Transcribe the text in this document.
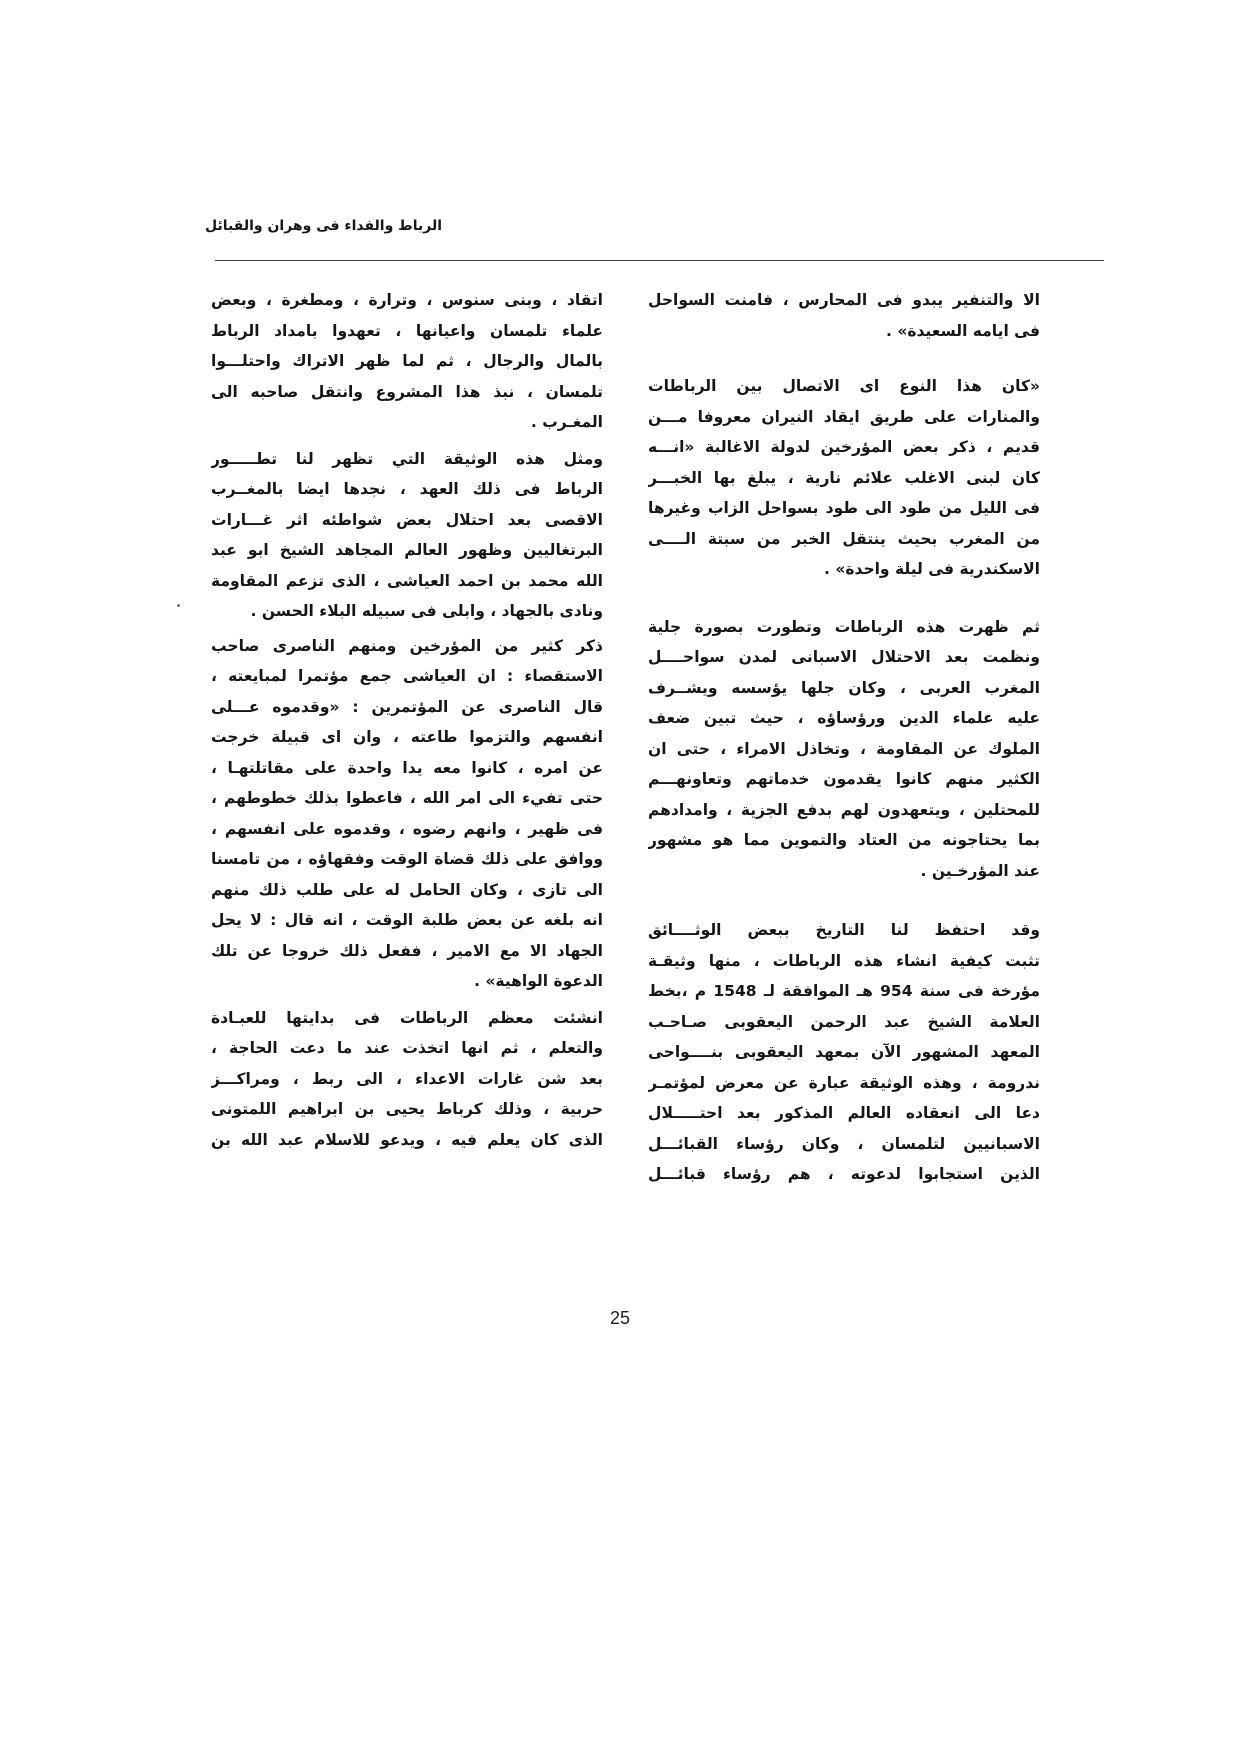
الرباط والفداء فى وهران والقبائل

الا والتنفير يبدو فى المحارس ، فامنت السواحل
فى ايامه السعيدة» .

«كان هذا النوع اى الاتصال بين الرباطات
والمنارات على طريق ايقاد النيران معروفا مـــن
قديم ، ذكر بعض المؤرخين لدولة الاغالبة «انـــه
كان لبنى الاغلب علائم نارية ، يبلغ بها الخبـــر
فى الليل من طود الى طود بسواحل الزاب وغيرها
من المغرب بحيث ينتقل الخبر من سبتة الــــى
الاسكندرية فى ليلة واحدة» .

ثم ظهرت هذه الرباطات وتطورت بصورة جلية
ونظمت بعد الاحتلال الاسبانى لمدن سواحــــل
المغرب العربى ، وكان جلها يؤسسه ويشــرف
عليه علماء الدين ورؤساؤه ، حيث تبين ضعف
الملوك عن المقاومة ، وتخاذل الامراء ، حتى ان
الكثير منهم كانوا يقدمون خدماتهم وتعاونهـــم
للمحتلين ، ويتعهدون لهم بدفع الجزية ، وامدادهم
بما يحتاجونه من العتاد والتموين مما هو مشهور
عند المؤرخـين .

وقد احتفظ لنا التاريخ ببعض الوثــــائق
تثبت كيفية انشاء هذه الرباطات ، منها وثيقـة
مؤرخة فى سنة 954 هـ الموافقة لـ 1548 م ،بخط
العلامة الشيخ عبد الرحمن اليعقوبى صـاحـب
المعهد المشهور الآن بمعهد اليعقوبى بنــــواحى
ندرومة ، وهذه الوثيقة عبارة عن معرض لمؤتمـر
دعا الى انعقاده العالم المذكور بعد احتـــــلال
الاسبانيين لتلمسان ، وكان رؤساء القبائـــل
الذين استجابوا لدعوته ، هم رؤساء قبائـــل

اتقاد ، وبنى سنوس ، وترارة ، ومطغرة ، وبعض
علماء تلمسان واعيانها ، تعهدوا بامداد الرباط
بالمال والرجال ، ثم لما ظهر الاتراك واحتلـــوا
تلمسان ، نبذ هذا المشروع وانتقل صاحبه الى
المغـرب .

ومثل هذه الوثيقة التي تظهر لنا تطـــــور
الرباط فى ذلك العهد ، نجدها ايضا بالمغــرب
الاقصى بعد احتلال بعض شواطئه اثر غـــارات
البرتغاليين وظهور العالم المجاهد الشيخ ابو عبد
الله محمد بن احمد العياشى ، الذى تزعم المقاومة
ونادى بالجهاد ، وابلى فى سبيله البلاء الحسن .

ذكر كثير من المؤرخين ومنهم الناصرى صاحب
الاستقصاء : ان العياشى جمع مؤتمرا لمبايعته ،
قال الناصرى عن المؤتمرين : «وقدموه عـــلى
انفسهم والتزموا طاعته ، وان اى قبيلة خرجت
عن امره ، كانوا معه يدا واحدة على مقاتلتهـا ،
حتى تفيء الى امر الله ، فاعطوا بذلك خطوطهم ،
فى ظهير ، وانهم رضوه ، وقدموه على انفسهم ،
ووافق على ذلك قضاة الوقت وفقهاؤه ، من تامسنا
الى تازى ، وكان الحامل له على طلب ذلك منهم
انه بلغه عن بعض طلبة الوقت ، انه قال : لا يحل
الجهاد الا مع الامير ، ففعل ذلك خروجا عن تلك
الدعوة الواهية» .

انشئت معظم الرباطات فى بدايتها للعبـادة
والتعلم ، ثم انها اتخذت عند ما دعت الحاجة ،
بعد شن غارات الاعداء ، الى ربط ، ومراكـــز
حربية ، وذلك كرباط يحيى بن ابراهيم اللمتونى
الذى كان يعلم فيه ، ويدعو للاسلام عبد الله بن

25
